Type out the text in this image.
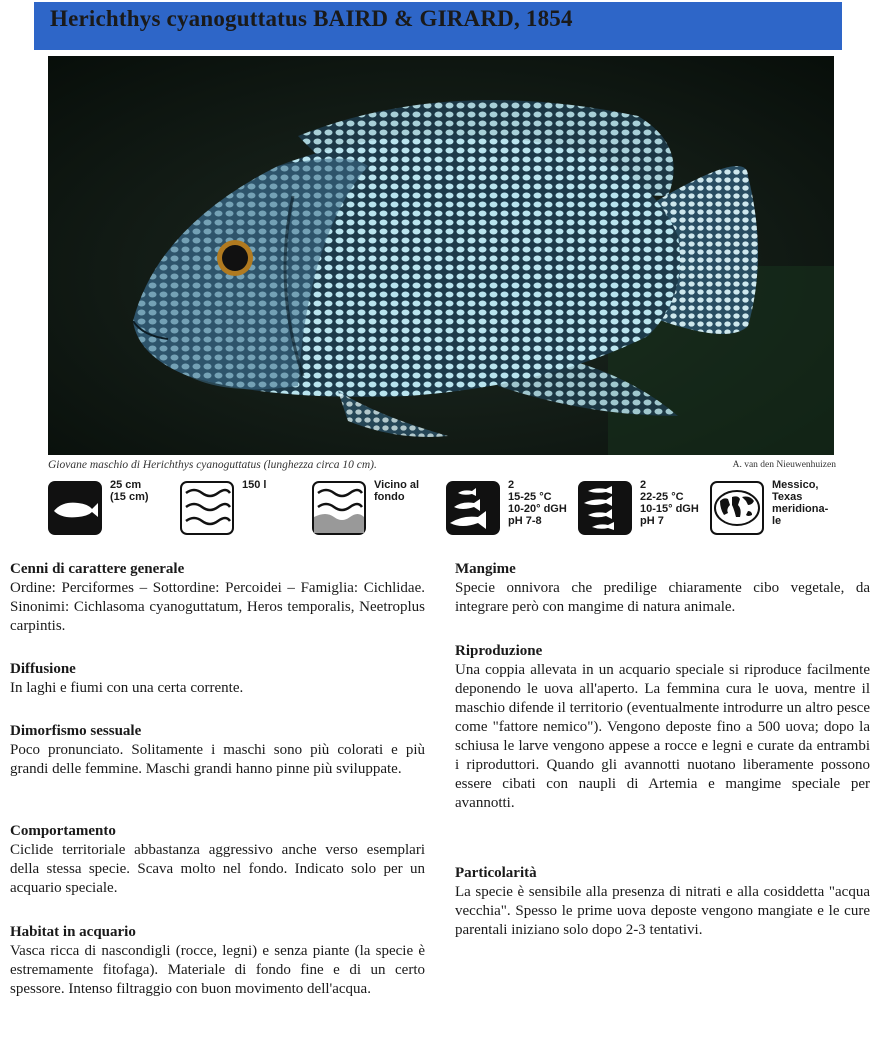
Herichthys cyanoguttatus BAIRD & GIRARD, 1854
Giovane maschio di Herichthys cyanoguttatus (lunghezza circa 10 cm).	A. van den Nieuwenhuizen
25 cm
(15 cm)
150 l	Vicino al
fondo
2
15-25 °C
10-20° dGH
pH 7-8
2
22-25 °C
10-15° dGH
pH 7
Messico,
Texas
meridiona-
le
Cenni di carattere generale

Ordine: Perciformes – Sottordine: Percoidei – Famiglia: Cichlidae. Sinonimi: Cichlasoma cyanoguttatum, Heros temporalis, Neetroplus carpintis.

Diffusione

In laghi e fiumi con una certa corrente.

Dimorfismo sessuale

Poco pronunciato. Solitamente i maschi sono più colorati e più grandi delle femmine. Maschi grandi hanno pinne più sviluppate.

Comportamento

Ciclide territoriale abbastanza aggressivo anche verso esemplari della stessa specie. Scava molto nel fondo. Indicato solo per un acquario speciale.

Habitat in acquario

Vasca ricca di nascondigli (rocce, legni) e senza piante (la specie è estremamente fitofaga). Materiale di fondo fine e di un certo spessore. Intenso filtraggio con buon movimento dell'acqua.

Mangime

Specie onnivora che predilige chiaramente cibo vegetale, da integrare però con mangime di natura animale.

Riproduzione

Una coppia allevata in un acquario speciale si riproduce facilmente deponendo le uova all'aperto. La femmina cura le uova, mentre il maschio difende il territorio (eventualmente introdurre un altro pesce come "fattore nemico"). Vengono deposte fino a 500 uova; dopo la schiusa le larve vengono appese a rocce e legni e curate da entrambi i riproduttori. Quando gli avannotti nuotano liberamente possono essere cibati con naupli di Artemia e mangime speciale per avannotti.

Particolarità

La specie è sensibile alla presenza di nitrati e alla cosiddetta "acqua vecchia". Spesso le prime uova deposte vengono mangiate e le cure parentali iniziano solo dopo 2-3 tentativi.
